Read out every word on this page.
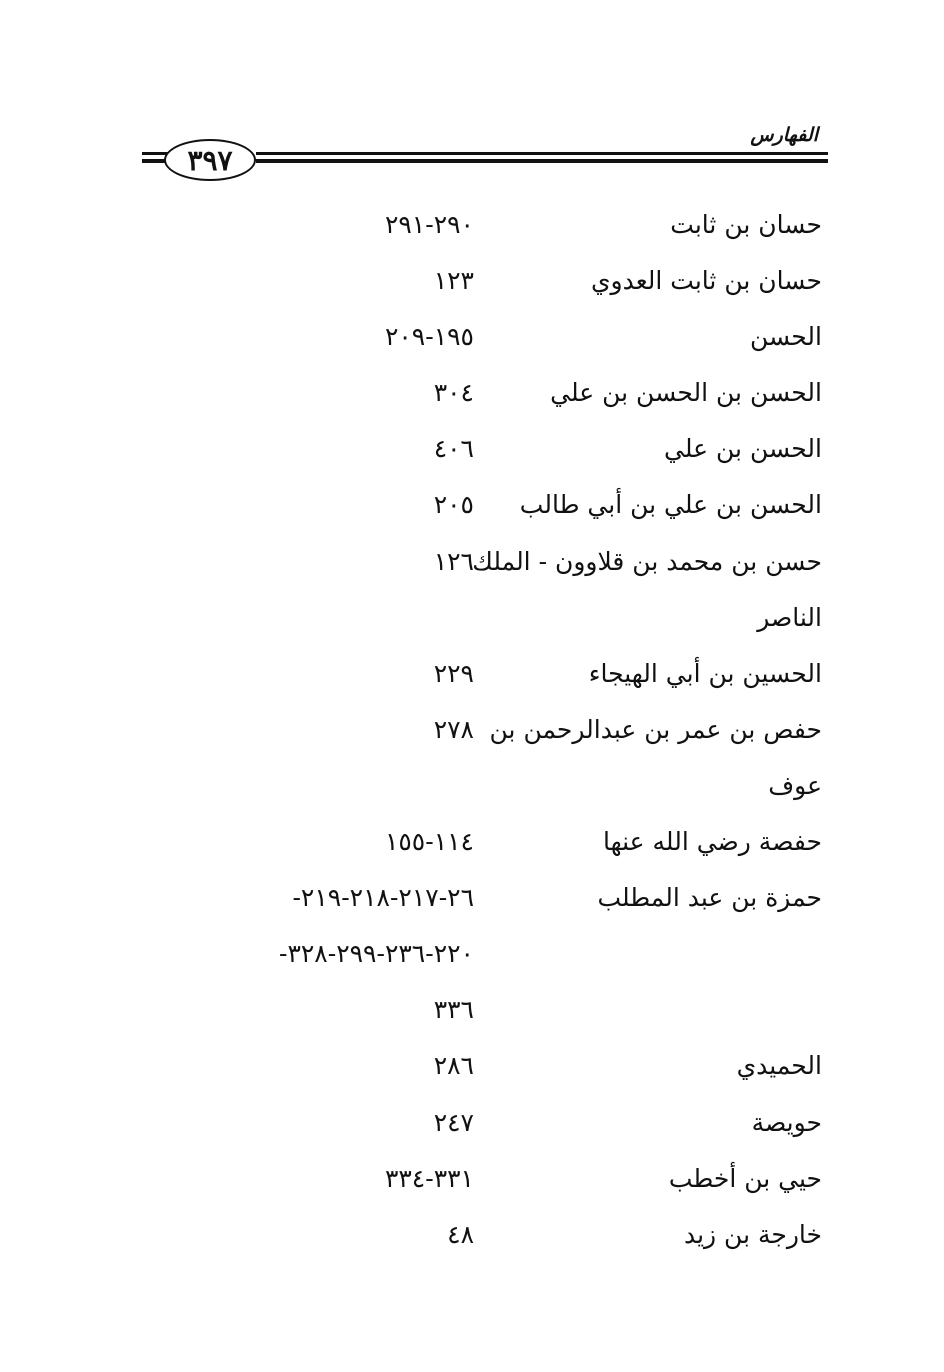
الفهارس
٣٩٧
حسان بن ثابت
٢٩٠-٢٩١
حسان بن ثابت العدوي
١٢٣
الحسن
١٩٥-٢٠٩
الحسن بن الحسن بن علي
٣٠٤
الحسن بن علي
٤٠٦
الحسن بن علي بن أبي طالب
٢٠٥
حسن بن محمد بن قلاوون - الملك
١٢٦
الناصر
الحسين بن أبي الهيجاء
٢٢٩
حفص بن عمر بن عبدالرحمن بن
٢٧٨
عوف
حفصة رضي الله عنها
١١٤-١٥٥
حمزة بن عبد المطلب
٢٦-٢١٧-٢١٨-٢١٩-
٢٢٠-٢٣٦-٢٩٩-٣٢٨-
٣٣٦
الحميدي
٢٨٦
حويصة
٢٤٧
حيي بن أخطب
٣٣١-٣٣٤
خارجة بن زيد
٤٨
